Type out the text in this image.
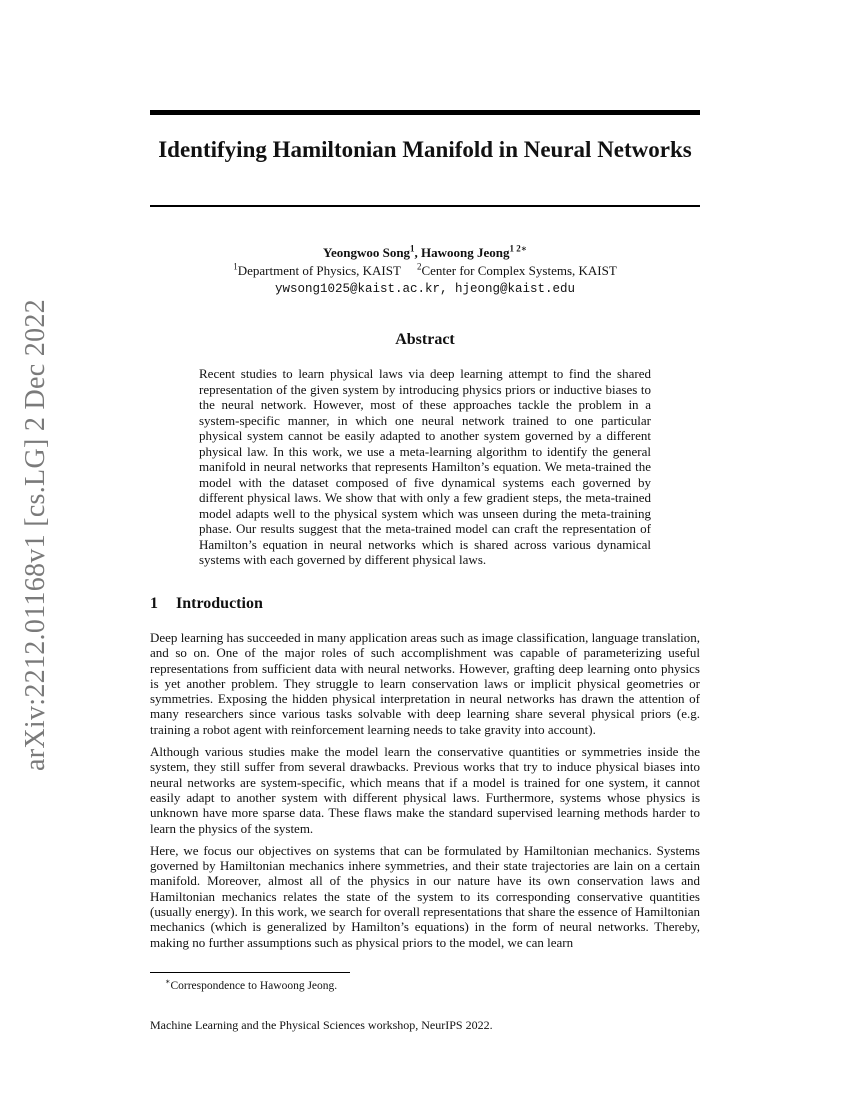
arXiv:2212.01168v1 [cs.LG] 2 Dec 2022
Identifying Hamiltonian Manifold in Neural Networks
Yeongwoo Song$^1$, Hawoong Jeong$^{1 2∗}$
$^1$Department of Physics, KAIST $^2$Center for Complex Systems, KAIST
ywsong1025@kaist.ac.kr, hjeong@kaist.edu
Abstract
Recent studies to learn physical laws via deep learning attempt to find the shared representation of the given system by introducing physics priors or inductive biases to the neural network. However, most of these approaches tackle the problem in a system-specific manner, in which one neural network trained to one particular physical system cannot be easily adapted to another system governed by a different physical law. In this work, we use a meta-learning algorithm to identify the general manifold in neural networks that represents Hamilton’s equation. We meta-trained the model with the dataset composed of five dynamical systems each governed by different physical laws. We show that with only a few gradient steps, the meta-trained model adapts well to the physical system which was unseen during the meta-training phase. Our results suggest that the meta-trained model can craft the representation of Hamilton’s equation in neural networks which is shared across various dynamical systems with each governed by different physical laws.
1 Introduction

Deep learning has succeeded in many application areas such as image classification, language translation, and so on. One of the major roles of such accomplishment was capable of parameterizing useful representations from sufficient data with neural networks. However, grafting deep learning onto physics is yet another problem. They struggle to learn conservation laws or implicit physical geometries or symmetries. Exposing the hidden physical interpretation in neural networks has drawn the attention of many researchers since various tasks solvable with deep learning share several physical priors (e.g. training a robot agent with reinforcement learning needs to take gravity into account).

Although various studies make the model learn the conservative quantities or symmetries inside the system, they still suffer from several drawbacks. Previous works that try to induce physical biases into neural networks are system-specific, which means that if a model is trained for one system, it cannot easily adapt to another system with different physical laws. Furthermore, systems whose physics is unknown have more sparse data. These flaws make the standard supervised learning methods harder to learn the physics of the system.

Here, we focus our objectives on systems that can be formulated by Hamiltonian mechanics. Systems governed by Hamiltonian mechanics inhere symmetries, and their state trajectories are lain on a certain manifold. Moreover, almost all of the physics in our nature have its own conservation laws and Hamiltonian mechanics relates the state of the system to its corresponding conservative quantities (usually energy). In this work, we search for overall representations that share the essence of Hamiltonian mechanics (which is generalized by Hamilton’s equations) in the form of neural networks. Thereby, making no further assumptions such as physical priors to the model, we can learn

∗Correspondence to Hawoong Jeong.
Machine Learning and the Physical Sciences workshop, NeurIPS 2022.
